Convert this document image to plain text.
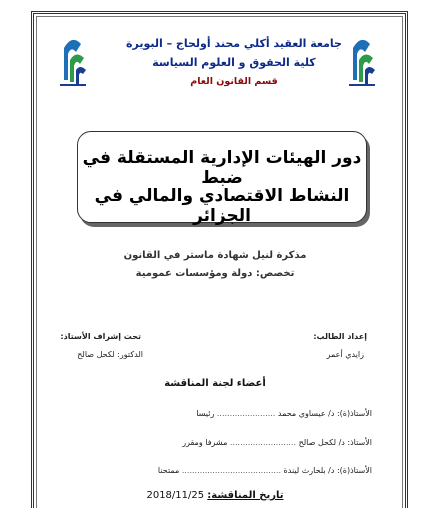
جامعة العقيد أكلي محند أولحاج – البويرة
كلية الحقوق و العلوم السياسة
قسم القانون العام
دور الهيئات الإدارية المستقلة في ضبط
النشاط الاقتصادي والمالي في الجزائر
مذكرة لنيل شهادة ماستر في القانون
تخصص: دولة ومؤسسات عمومية
إعداد الطالب:
زايدي أعمر
تحت إشراف الأستاذ:
الدكتور: لكحل صالح
أعضاء لجنة المناقشة
الأستاذ(ة): د/ عيساوي محمد ....................... رئيسا
الأستاذ: د/ لكحل صالح .......................... مشرفا ومقرر
الأستاذ(ة): د/ بلحارث ليندة ....................................... ممتحنا
تاريخ المناقشة: 2018/11/25
